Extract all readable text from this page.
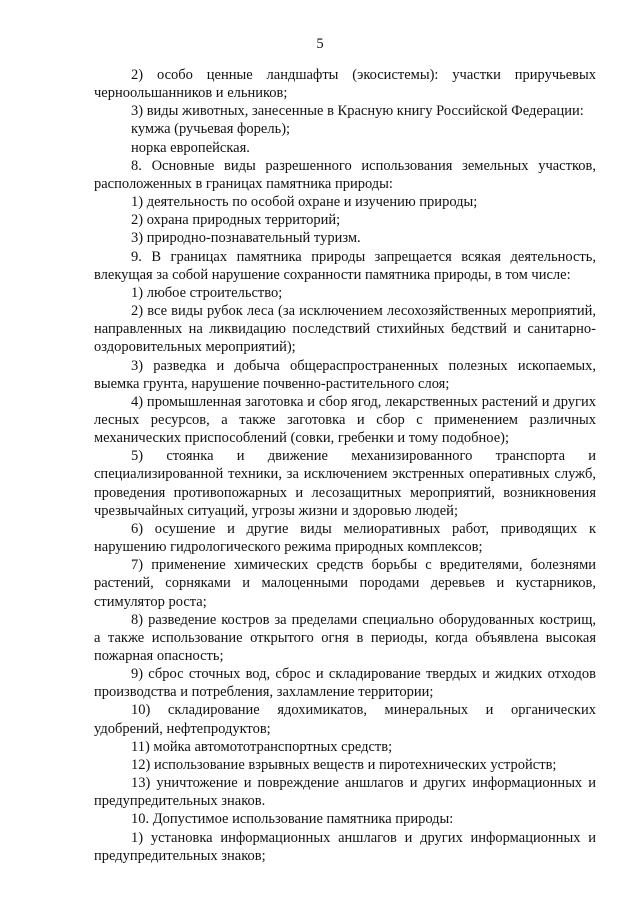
5

2) особо ценные ландшафты (экосистемы): участки приручьевых черноольшанников и ельников;

3) виды животных, занесенные в Красную книгу Российской Федерации:

кумжа (ручьевая форель);

норка европейская.

8. Основные виды разрешенного использования земельных участков, расположенных в границах памятника природы:

1) деятельность по особой охране и изучению природы;

2) охрана природных территорий;

3) природно-познавательный туризм.

9. В границах памятника природы запрещается всякая деятельность, влекущая за собой нарушение сохранности памятника природы, в том числе:

1) любое строительство;

2) все виды рубок леса (за исключением лесохозяйственных мероприятий, направленных на ликвидацию последствий стихийных бедствий и санитарно-оздоровительных мероприятий);

3) разведка и добыча общераспространенных полезных ископаемых, выемка грунта, нарушение почвенно-растительного слоя;

4) промышленная заготовка и сбор ягод, лекарственных растений и других лесных ресурсов, а также заготовка и сбор с применением различных механических приспособлений (совки, гребенки и тому подобное);

5) стоянка и движение механизированного транспорта и специализированной техники, за исключением экстренных оперативных служб, проведения противопожарных и лесозащитных мероприятий, возникновения чрезвычайных ситуаций, угрозы жизни и здоровью людей;

6) осушение и другие виды мелиоративных работ, приводящих к нарушению гидрологического режима природных комплексов;

7) применение химических средств борьбы с вредителями, болезнями растений, сорняками и малоценными породами деревьев и кустарников, стимулятор роста;

8) разведение костров за пределами специально оборудованных кострищ, а также использование открытого огня в периоды, когда объявлена высокая пожарная опасность;

9) сброс сточных вод, сброс и складирование твердых и жидких отходов производства и потребления, захламление территории;

10) складирование ядохимикатов, минеральных и органических удобрений, нефтепродуктов;

11) мойка автомототранспортных средств;

12) использование взрывных веществ и пиротехнических устройств;

13) уничтожение и повреждение аншлагов и других информационных и предупредительных знаков.

10. Допустимое использование памятника природы:

1) установка информационных аншлагов и других информационных и предупредительных знаков;
